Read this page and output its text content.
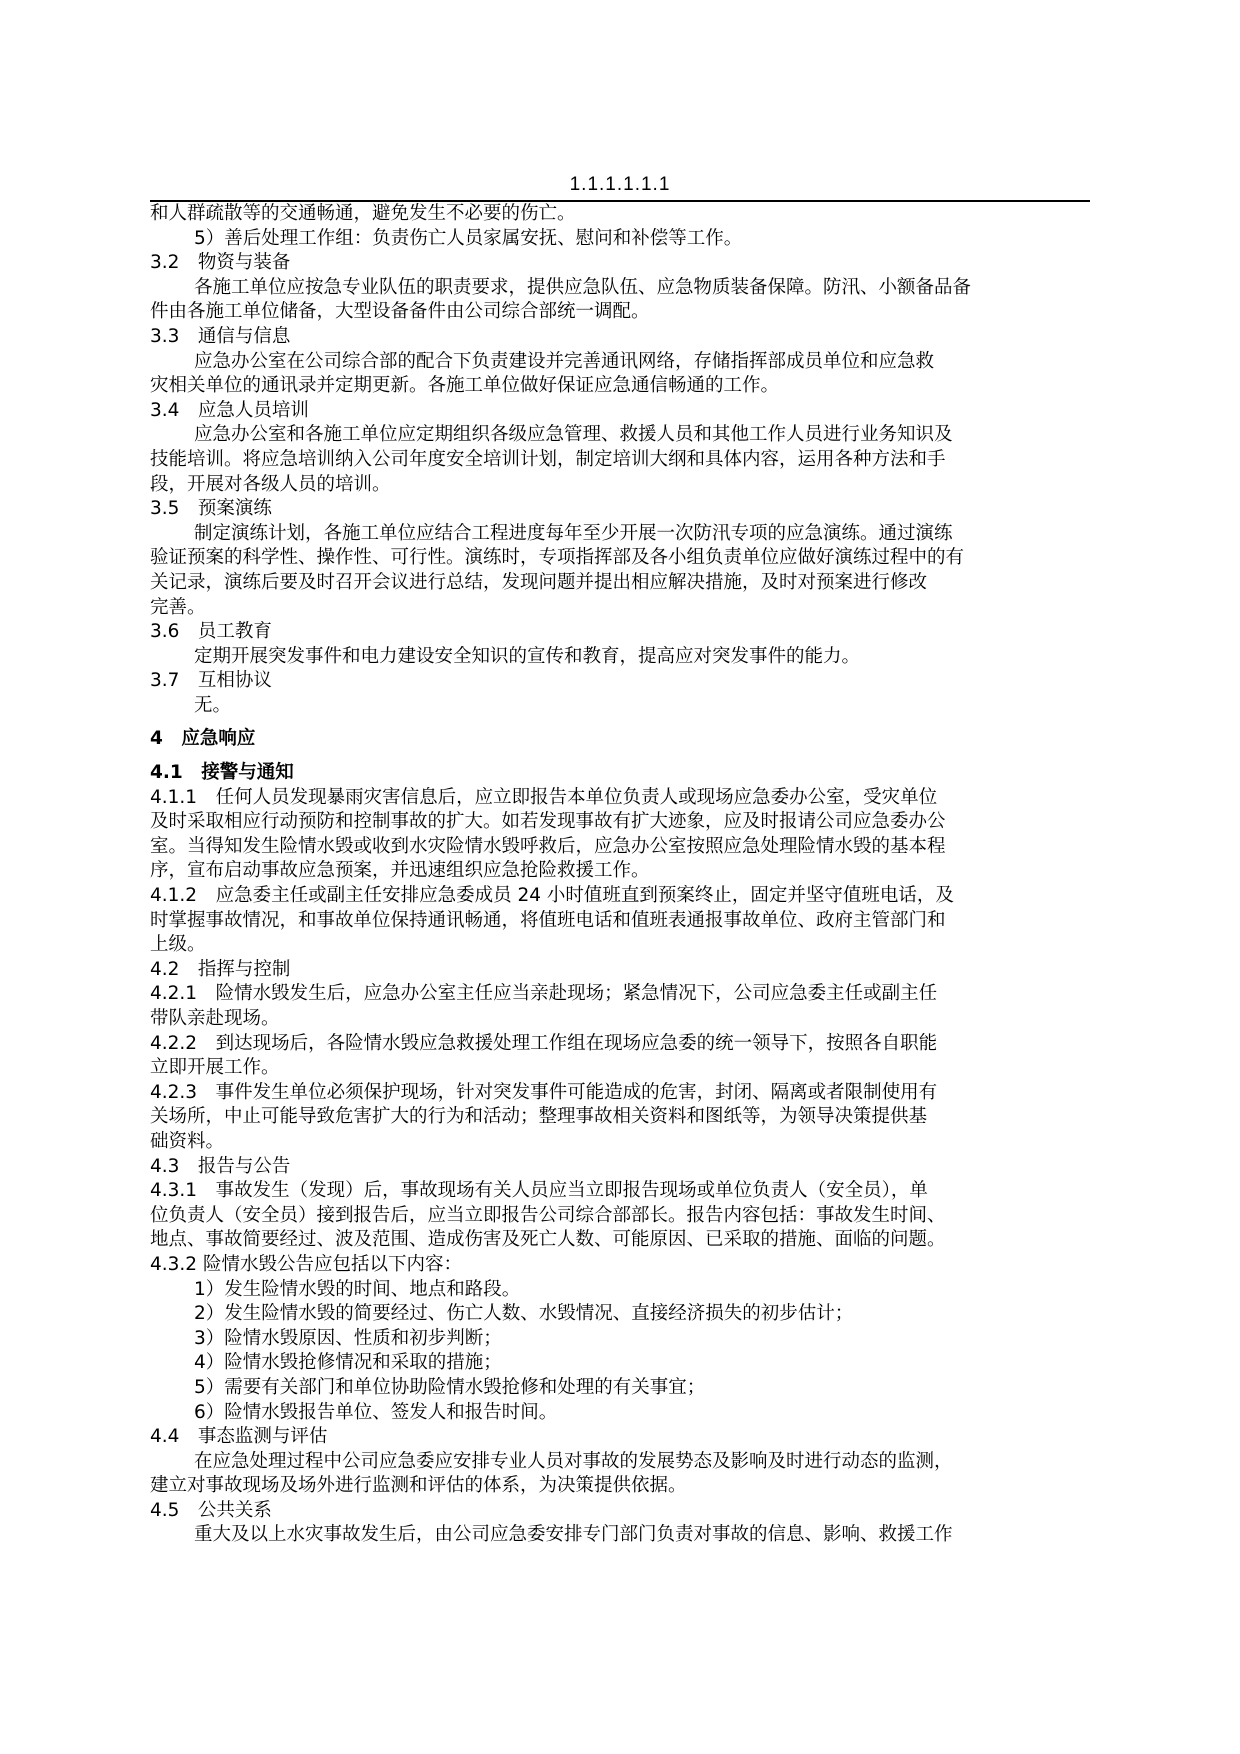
1.1.1.1.1.1
和人群疏散等的交通畅通，避免发生不必要的伤亡。
5）善后处理工作组：负责伤亡人员家属安抚、慰问和补偿等工作。
3.2　物资与装备
各施工单位应按急专业队伍的职责要求，提供应急队伍、应急物质装备保障。防汛、小额备品备
件由各施工单位储备，大型设备备件由公司综合部统一调配。
3.3　通信与信息
应急办公室在公司综合部的配合下负责建设并完善通讯网络，存储指挥部成员单位和应急救
灾相关单位的通讯录并定期更新。各施工单位做好保证应急通信畅通的工作。
3.4　应急人员培训
应急办公室和各施工单位应定期组织各级应急管理、救援人员和其他工作人员进行业务知识及
技能培训。将应急培训纳入公司年度安全培训计划，制定培训大纲和具体内容，运用各种方法和手
段，开展对各级人员的培训。
3.5　预案演练
制定演练计划，各施工单位应结合工程进度每年至少开展一次防汛专项的应急演练。通过演练
验证预案的科学性、操作性、可行性。演练时，专项指挥部及各小组负责单位应做好演练过程中的有
关记录，演练后要及时召开会议进行总结，发现问题并提出相应解决措施，及时对预案进行修改
完善。
3.6　员工教育
定期开展突发事件和电力建设安全知识的宣传和教育，提高应对突发事件的能力。
3.7　互相协议
无。
4　应急响应
4.1　接警与通知
4.1.1　任何人员发现暴雨灾害信息后，应立即报告本单位负责人或现场应急委办公室，受灾单位
及时采取相应行动预防和控制事故的扩大。如若发现事故有扩大迹象，应及时报请公司应急委办公
室。当得知发生险情水毁或收到水灾险情水毁呼救后，应急办公室按照应急处理险情水毁的基本程
序，宣布启动事故应急预案，并迅速组织应急抢险救援工作。
4.1.2　应急委主任或副主任安排应急委成员 24 小时值班直到预案终止，固定并坚守值班电话，及
时掌握事故情况，和事故单位保持通讯畅通，将值班电话和值班表通报事故单位、政府主管部门和
上级。
4.2　指挥与控制
4.2.1　险情水毁发生后，应急办公室主任应当亲赴现场；紧急情况下，公司应急委主任或副主任
带队亲赴现场。
4.2.2　到达现场后，各险情水毁应急救援处理工作组在现场应急委的统一领导下，按照各自职能
立即开展工作。
4.2.3　事件发生单位必须保护现场，针对突发事件可能造成的危害，封闭、隔离或者限制使用有
关场所，中止可能导致危害扩大的行为和活动；整理事故相关资料和图纸等，为领导决策提供基
础资料。
4.3　报告与公告
4.3.1　事故发生（发现）后，事故现场有关人员应当立即报告现场或单位负责人（安全员），单
位负责人（安全员）接到报告后，应当立即报告公司综合部部长。报告内容包括：事故发生时间、
地点、事故简要经过、波及范围、造成伤害及死亡人数、可能原因、已采取的措施、面临的问题。
4.3.2 险情水毁公告应包括以下内容：
1）发生险情水毁的时间、地点和路段。
2）发生险情水毁的简要经过、伤亡人数、水毁情况、直接经济损失的初步估计；
3）险情水毁原因、性质和初步判断；
4）险情水毁抢修情况和采取的措施；
5）需要有关部门和单位协助险情水毁抢修和处理的有关事宜；
6）险情水毁报告单位、签发人和报告时间。
4.4　事态监测与评估
在应急处理过程中公司应急委应安排专业人员对事故的发展势态及影响及时进行动态的监测，
建立对事故现场及场外进行监测和评估的体系，为决策提供依据。
4.5　公共关系
重大及以上水灾事故发生后，由公司应急委安排专门部门负责对事故的信息、影响、救援工作
